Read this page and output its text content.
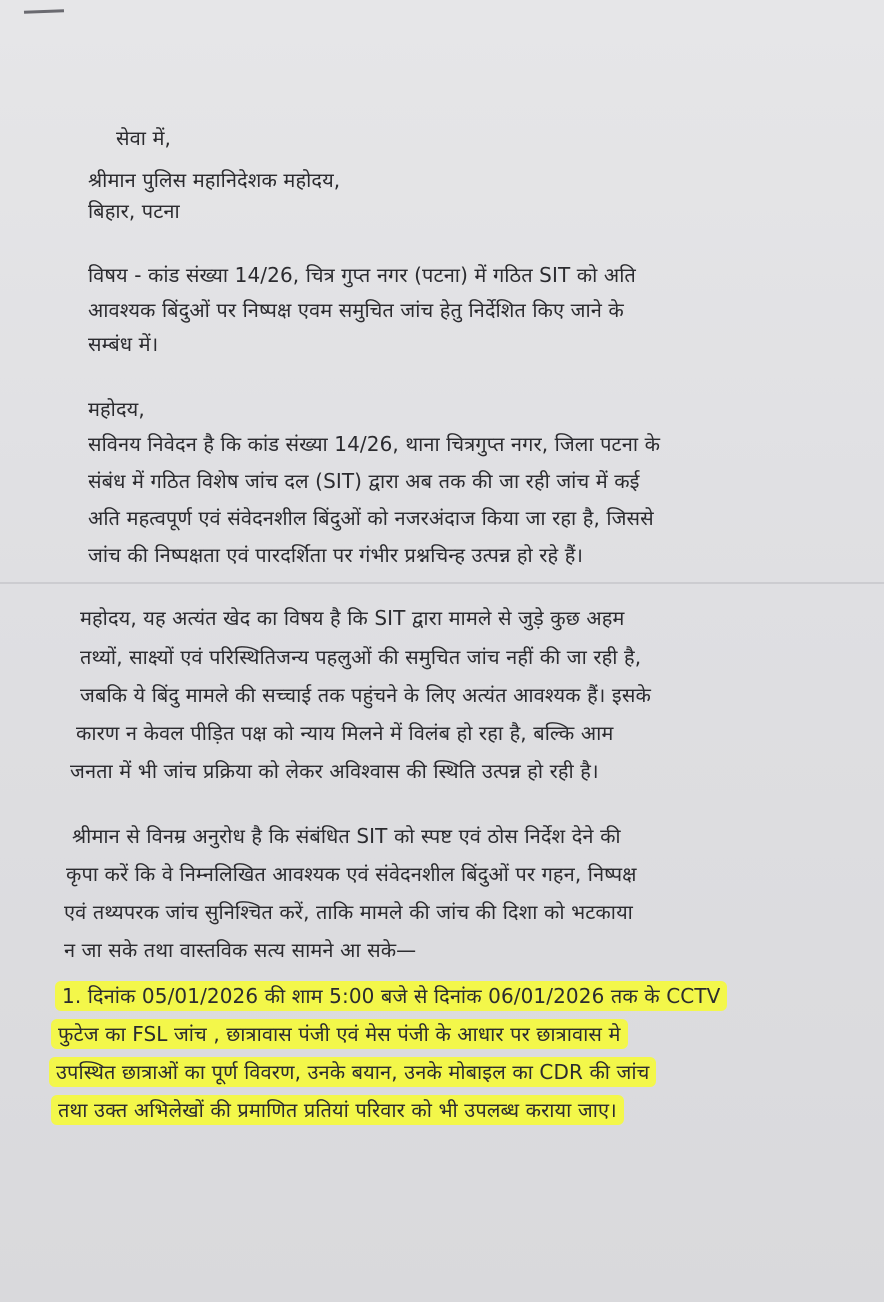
सेवा में,

श्रीमान पुलिस महानिदेशक महोदय,

बिहार, पटना

विषय - कांड संख्या 14/26, चित्र गुप्त नगर (पटना) में गठित SIT को अति

आवश्यक बिंदुओं पर निष्पक्ष एवम समुचित जांच हेतु निर्देशित किए जाने के

सम्बंध में।

महोदय,

सविनय निवेदन है कि कांड संख्या 14/26, थाना चित्रगुप्त नगर, जिला पटना के

संबंध में गठित विशेष जांच दल (SIT) द्वारा अब तक की जा रही जांच में कई

अति महत्वपूर्ण एवं संवेदनशील बिंदुओं को नजरअंदाज किया जा रहा है, जिससे

जांच की निष्पक्षता एवं पारदर्शिता पर गंभीर प्रश्नचिन्ह उत्पन्न हो रहे हैं।

महोदय, यह अत्यंत खेद का विषय है कि SIT द्वारा मामले से जुड़े कुछ अहम

तथ्यों, साक्ष्यों एवं परिस्थितिजन्य पहलुओं की समुचित जांच नहीं की जा रही है,

जबकि ये बिंदु मामले की सच्चाई तक पहुंचने के लिए अत्यंत आवश्यक हैं। इसके

कारण न केवल पीड़ित पक्ष को न्याय मिलने में विलंब हो रहा है, बल्कि आम

जनता में भी जांच प्रक्रिया को लेकर अविश्वास की स्थिति उत्पन्न हो रही है।

श्रीमान से विनम्र अनुरोध है कि संबंधित SIT को स्पष्ट एवं ठोस निर्देश देने की

कृपा करें कि वे निम्नलिखित आवश्यक एवं संवेदनशील बिंदुओं पर गहन, निष्पक्ष

एवं तथ्यपरक जांच सुनिश्चित करें, ताकि मामले की जांच की दिशा को भटकाया

न जा सके तथा वास्तविक सत्य सामने आ सके—

1. दिनांक 05/01/2026 की शाम 5:00 बजे से दिनांक 06/01/2026 तक के CCTV

फुटेज का FSL जांच , छात्रावास पंजी एवं मेस पंजी के आधार पर छात्रावास मे

उपस्थित छात्राओं का पूर्ण विवरण, उनके बयान, उनके मोबाइल का CDR की जांच

तथा उक्त अभिलेखों की प्रमाणित प्रतियां परिवार को भी उपलब्ध कराया जाए।
